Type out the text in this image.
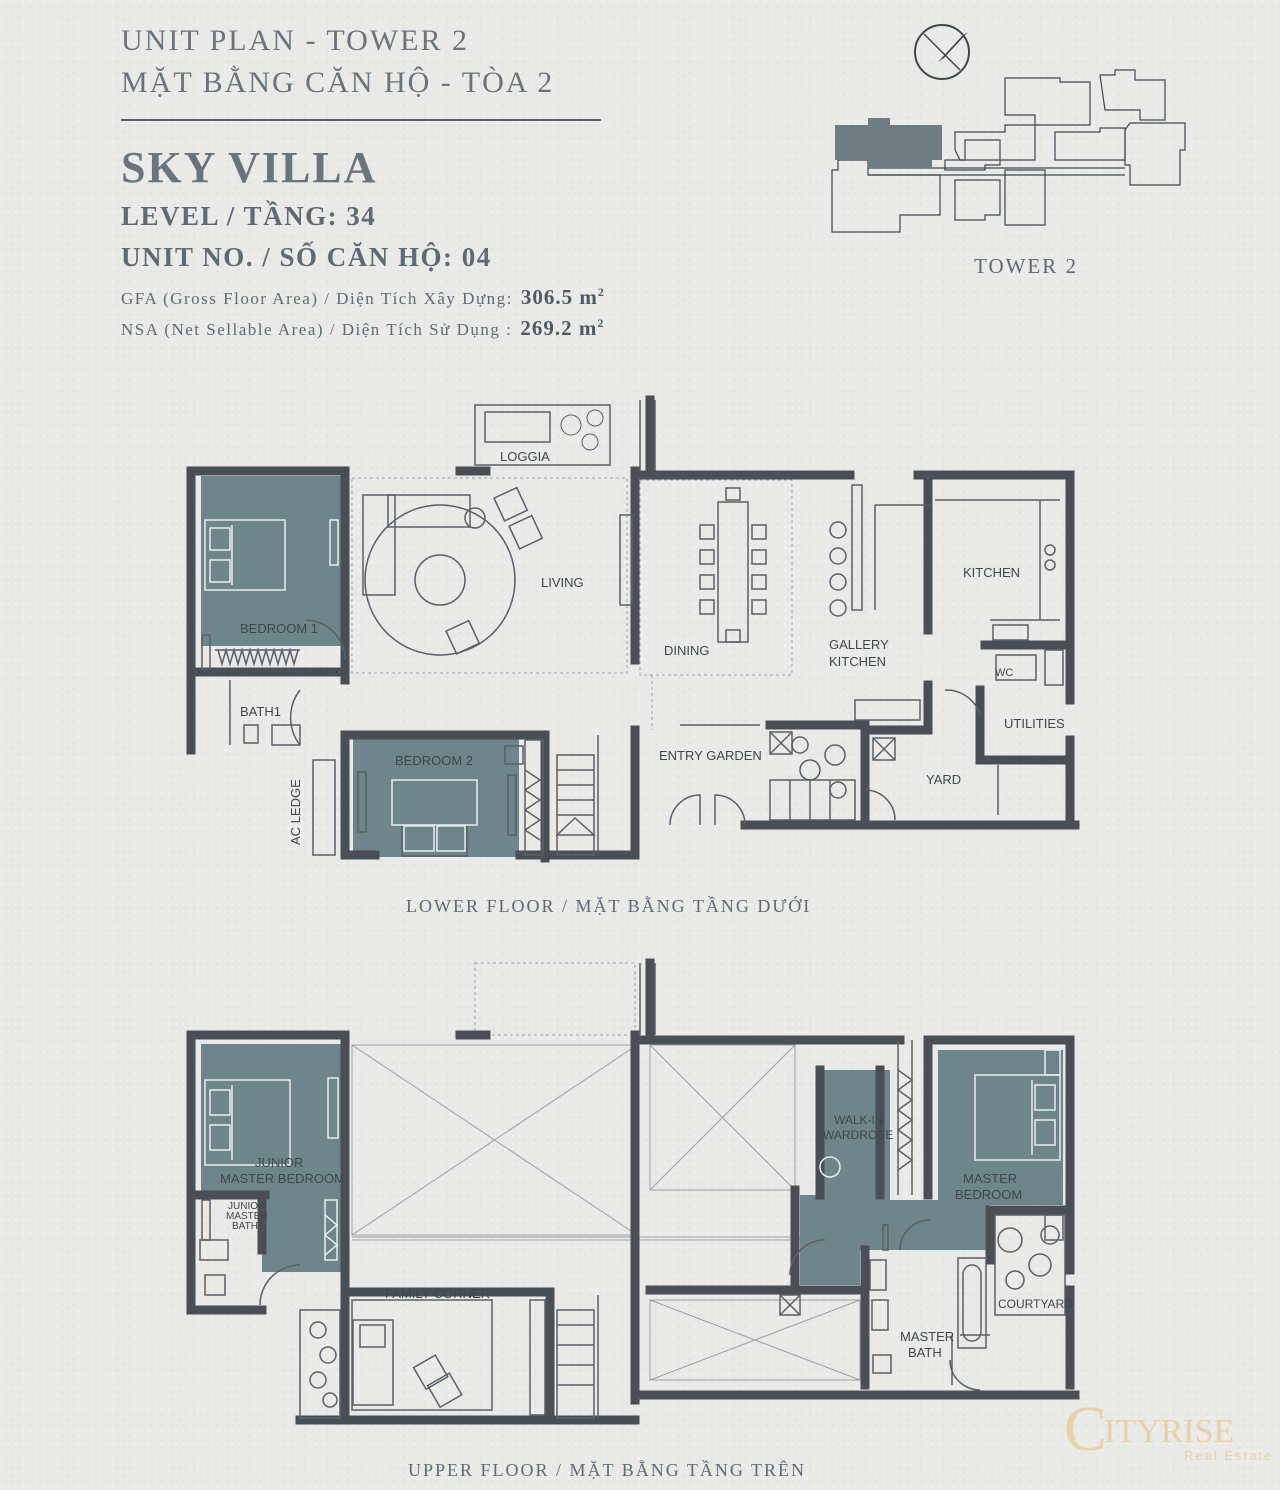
UNIT PLAN - TOWER 2
MẶT BẰNG CĂN HỘ - TÒA 2
SKY VILLA
LEVEL / TẦNG: 34
UNIT NO. / SỐ CĂN HỘ: 04
GFA (Gross Floor Area) / Diện Tích Xây Dựng: 306.5 $m^2$
NSA (Net Sellable Area) / Diện Tích Sử Dụng : 269.2 $m^2$
TOWER 2
LOGGIA
BEDROOM 1
LIVING
DINING	GALLERY
KITCHEN
KITCHEN
WC
UTILITIES
BATH1
BEDROOM 2	ENTRY GARDEN
YARD
AC LEDGE
LOWER FLOOR / MẶT BẰNG TẦNG DƯỚI
JUNIOR
MASTER BEDROOM
JUNIOR
MASTER
BATH
FAMILY CORNER
WALK-IN
WARDROBE
MASTER
BEDROOM
COURTYARD
MASTER
BATH
UPPER FLOOR / MẶT BẰNG TẦNG TRÊN
C
ITYRISE
Real Estate
